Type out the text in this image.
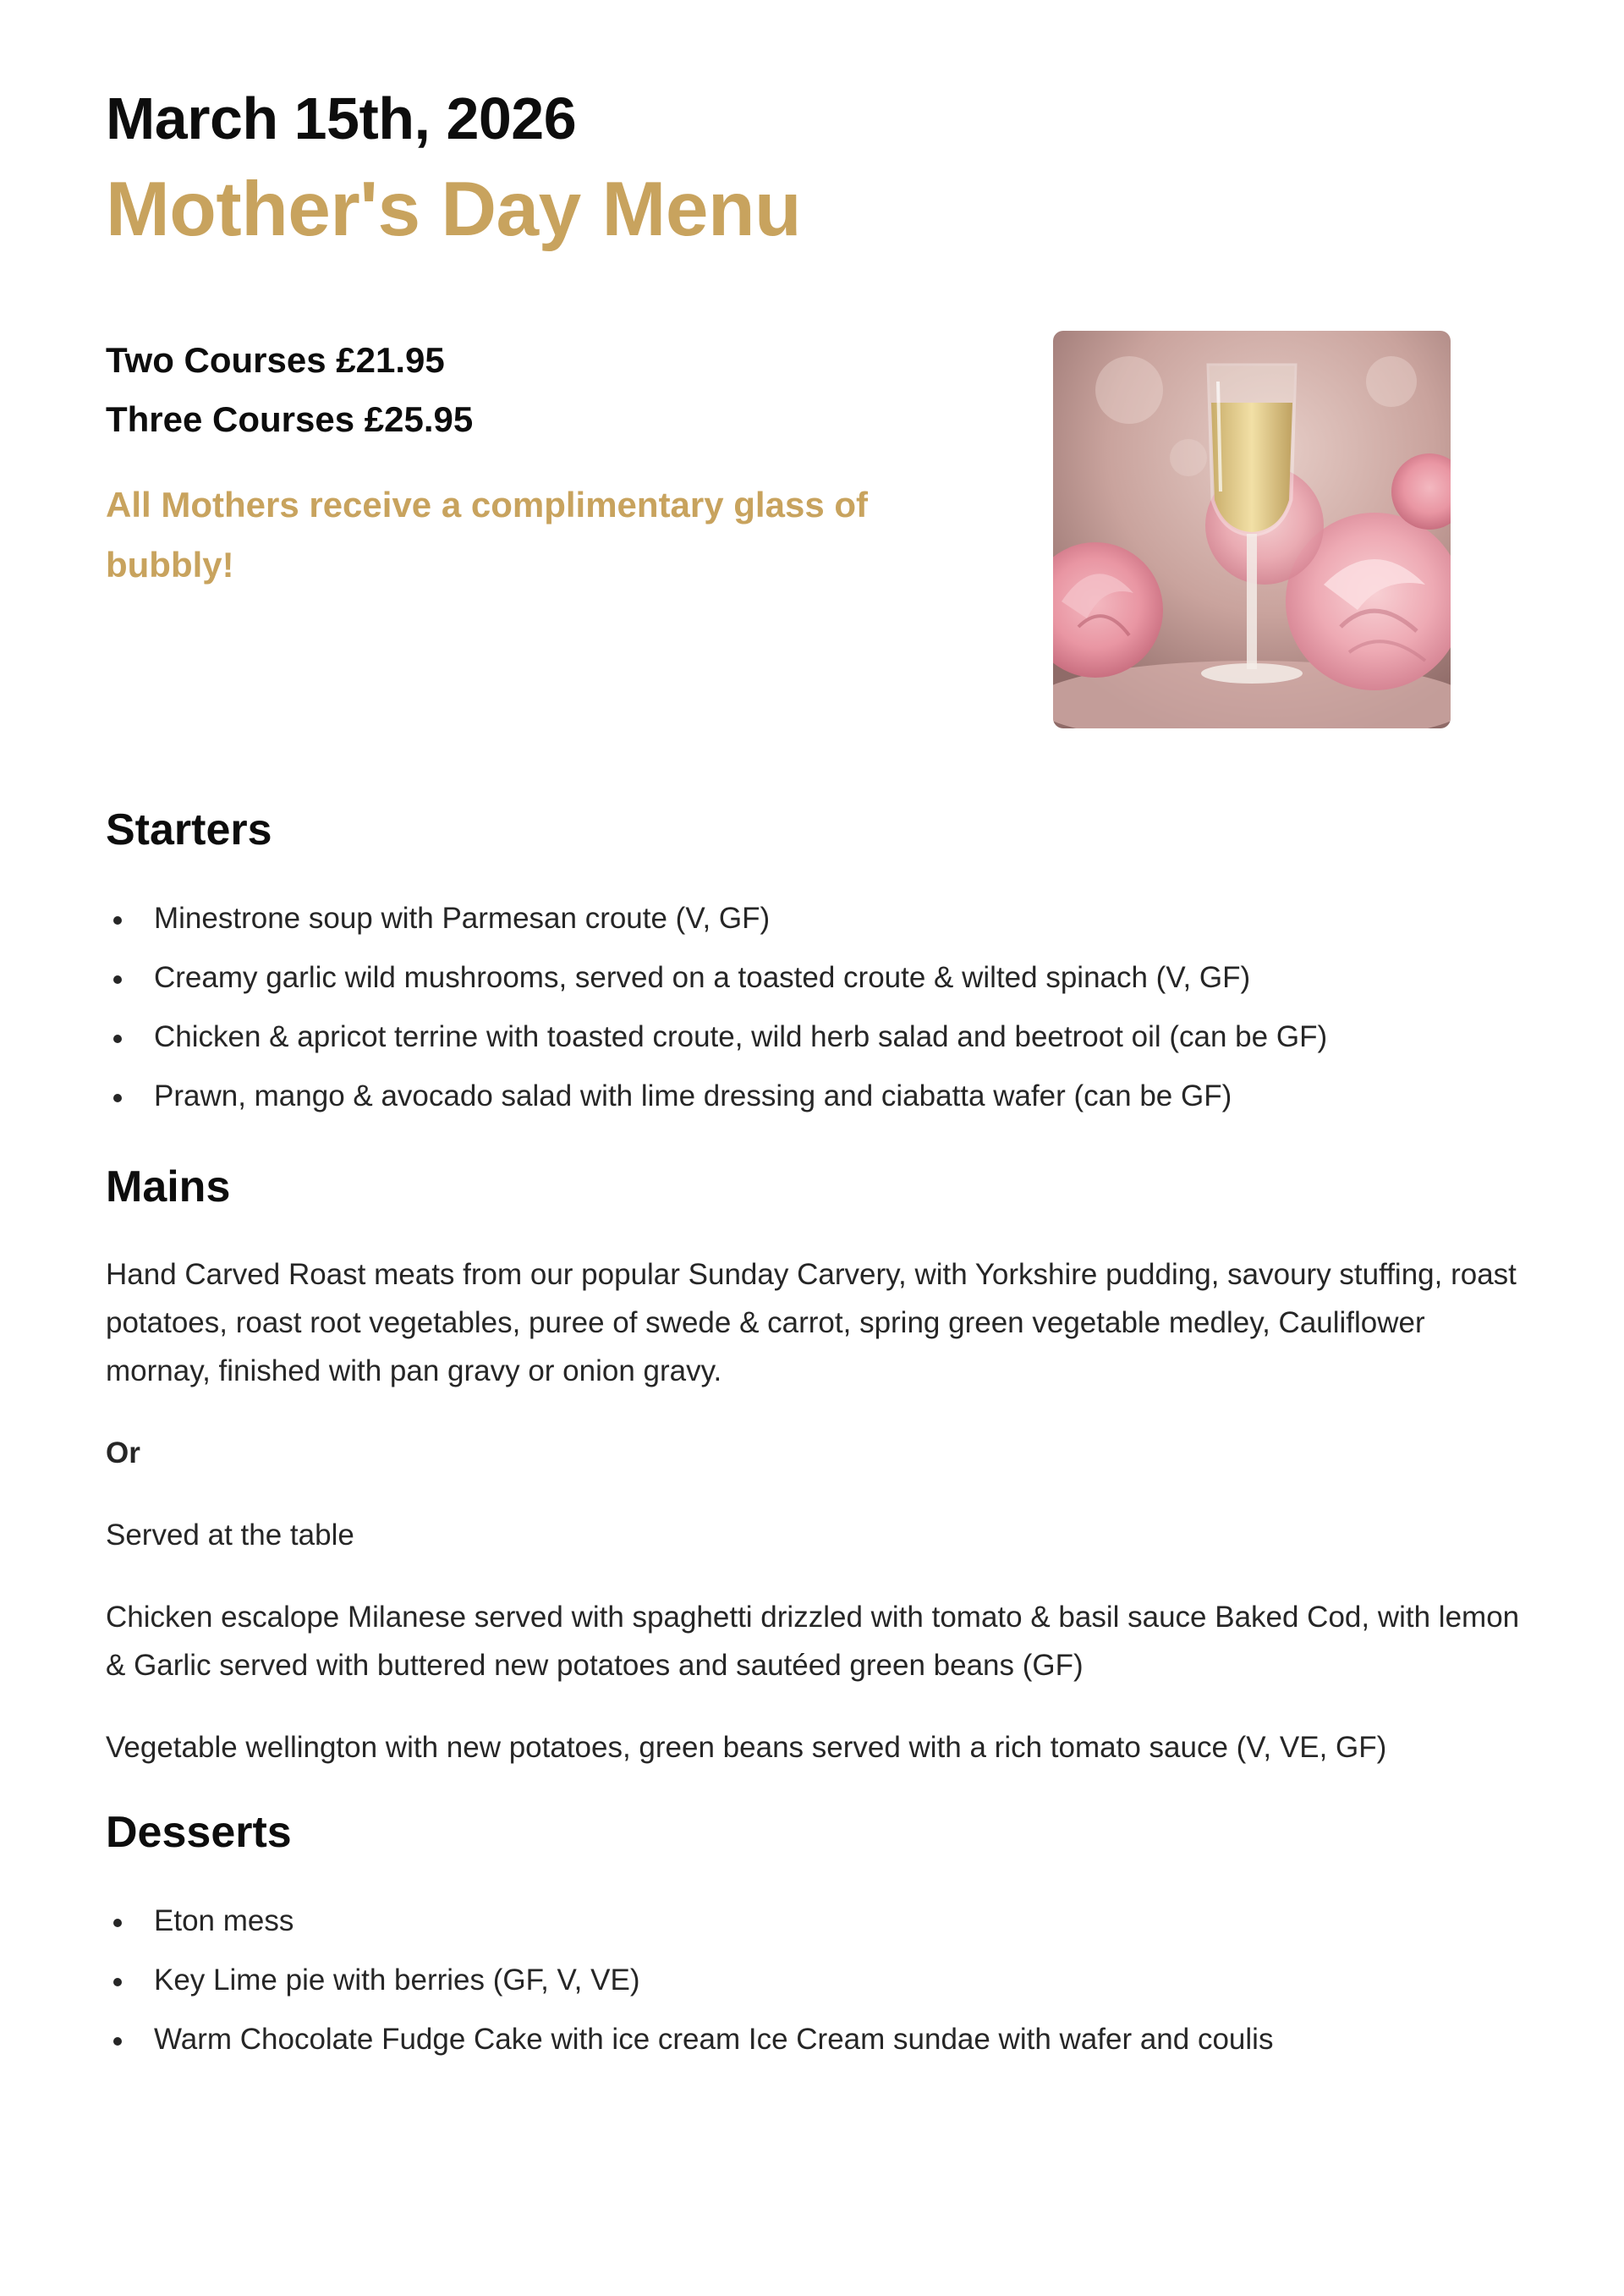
March 15th, 2026
Mother's Day Menu
Two Courses £21.95
Three Courses £25.95
All Mothers receive a complimentary glass of bubbly!
Starters
Minestrone soup with Parmesan croute (V, GF)
Creamy garlic wild mushrooms, served on a toasted croute & wilted spinach (V, GF)
Chicken & apricot terrine with toasted croute, wild herb salad and beetroot oil (can be GF)
Prawn, mango & avocado salad with lime dressing and ciabatta wafer (can be GF)
Mains

Hand Carved Roast meats from our popular Sunday Carvery, with Yorkshire pudding, savoury stuffing, roast potatoes, roast root vegetables, puree of swede & carrot, spring green vegetable medley, Cauliflower mornay, finished with pan gravy or onion gravy.

Or

Served at the table

Chicken escalope Milanese served with spaghetti drizzled with tomato & basil sauce Baked Cod, with lemon & Garlic served with buttered new potatoes and sautéed green beans (GF)

Vegetable wellington with new potatoes, green beans served with a rich tomato sauce (V, VE, GF)

Desserts
Eton mess
Key Lime pie with berries (GF, V, VE)
Warm Chocolate Fudge Cake with ice cream Ice Cream sundae with wafer and coulis
